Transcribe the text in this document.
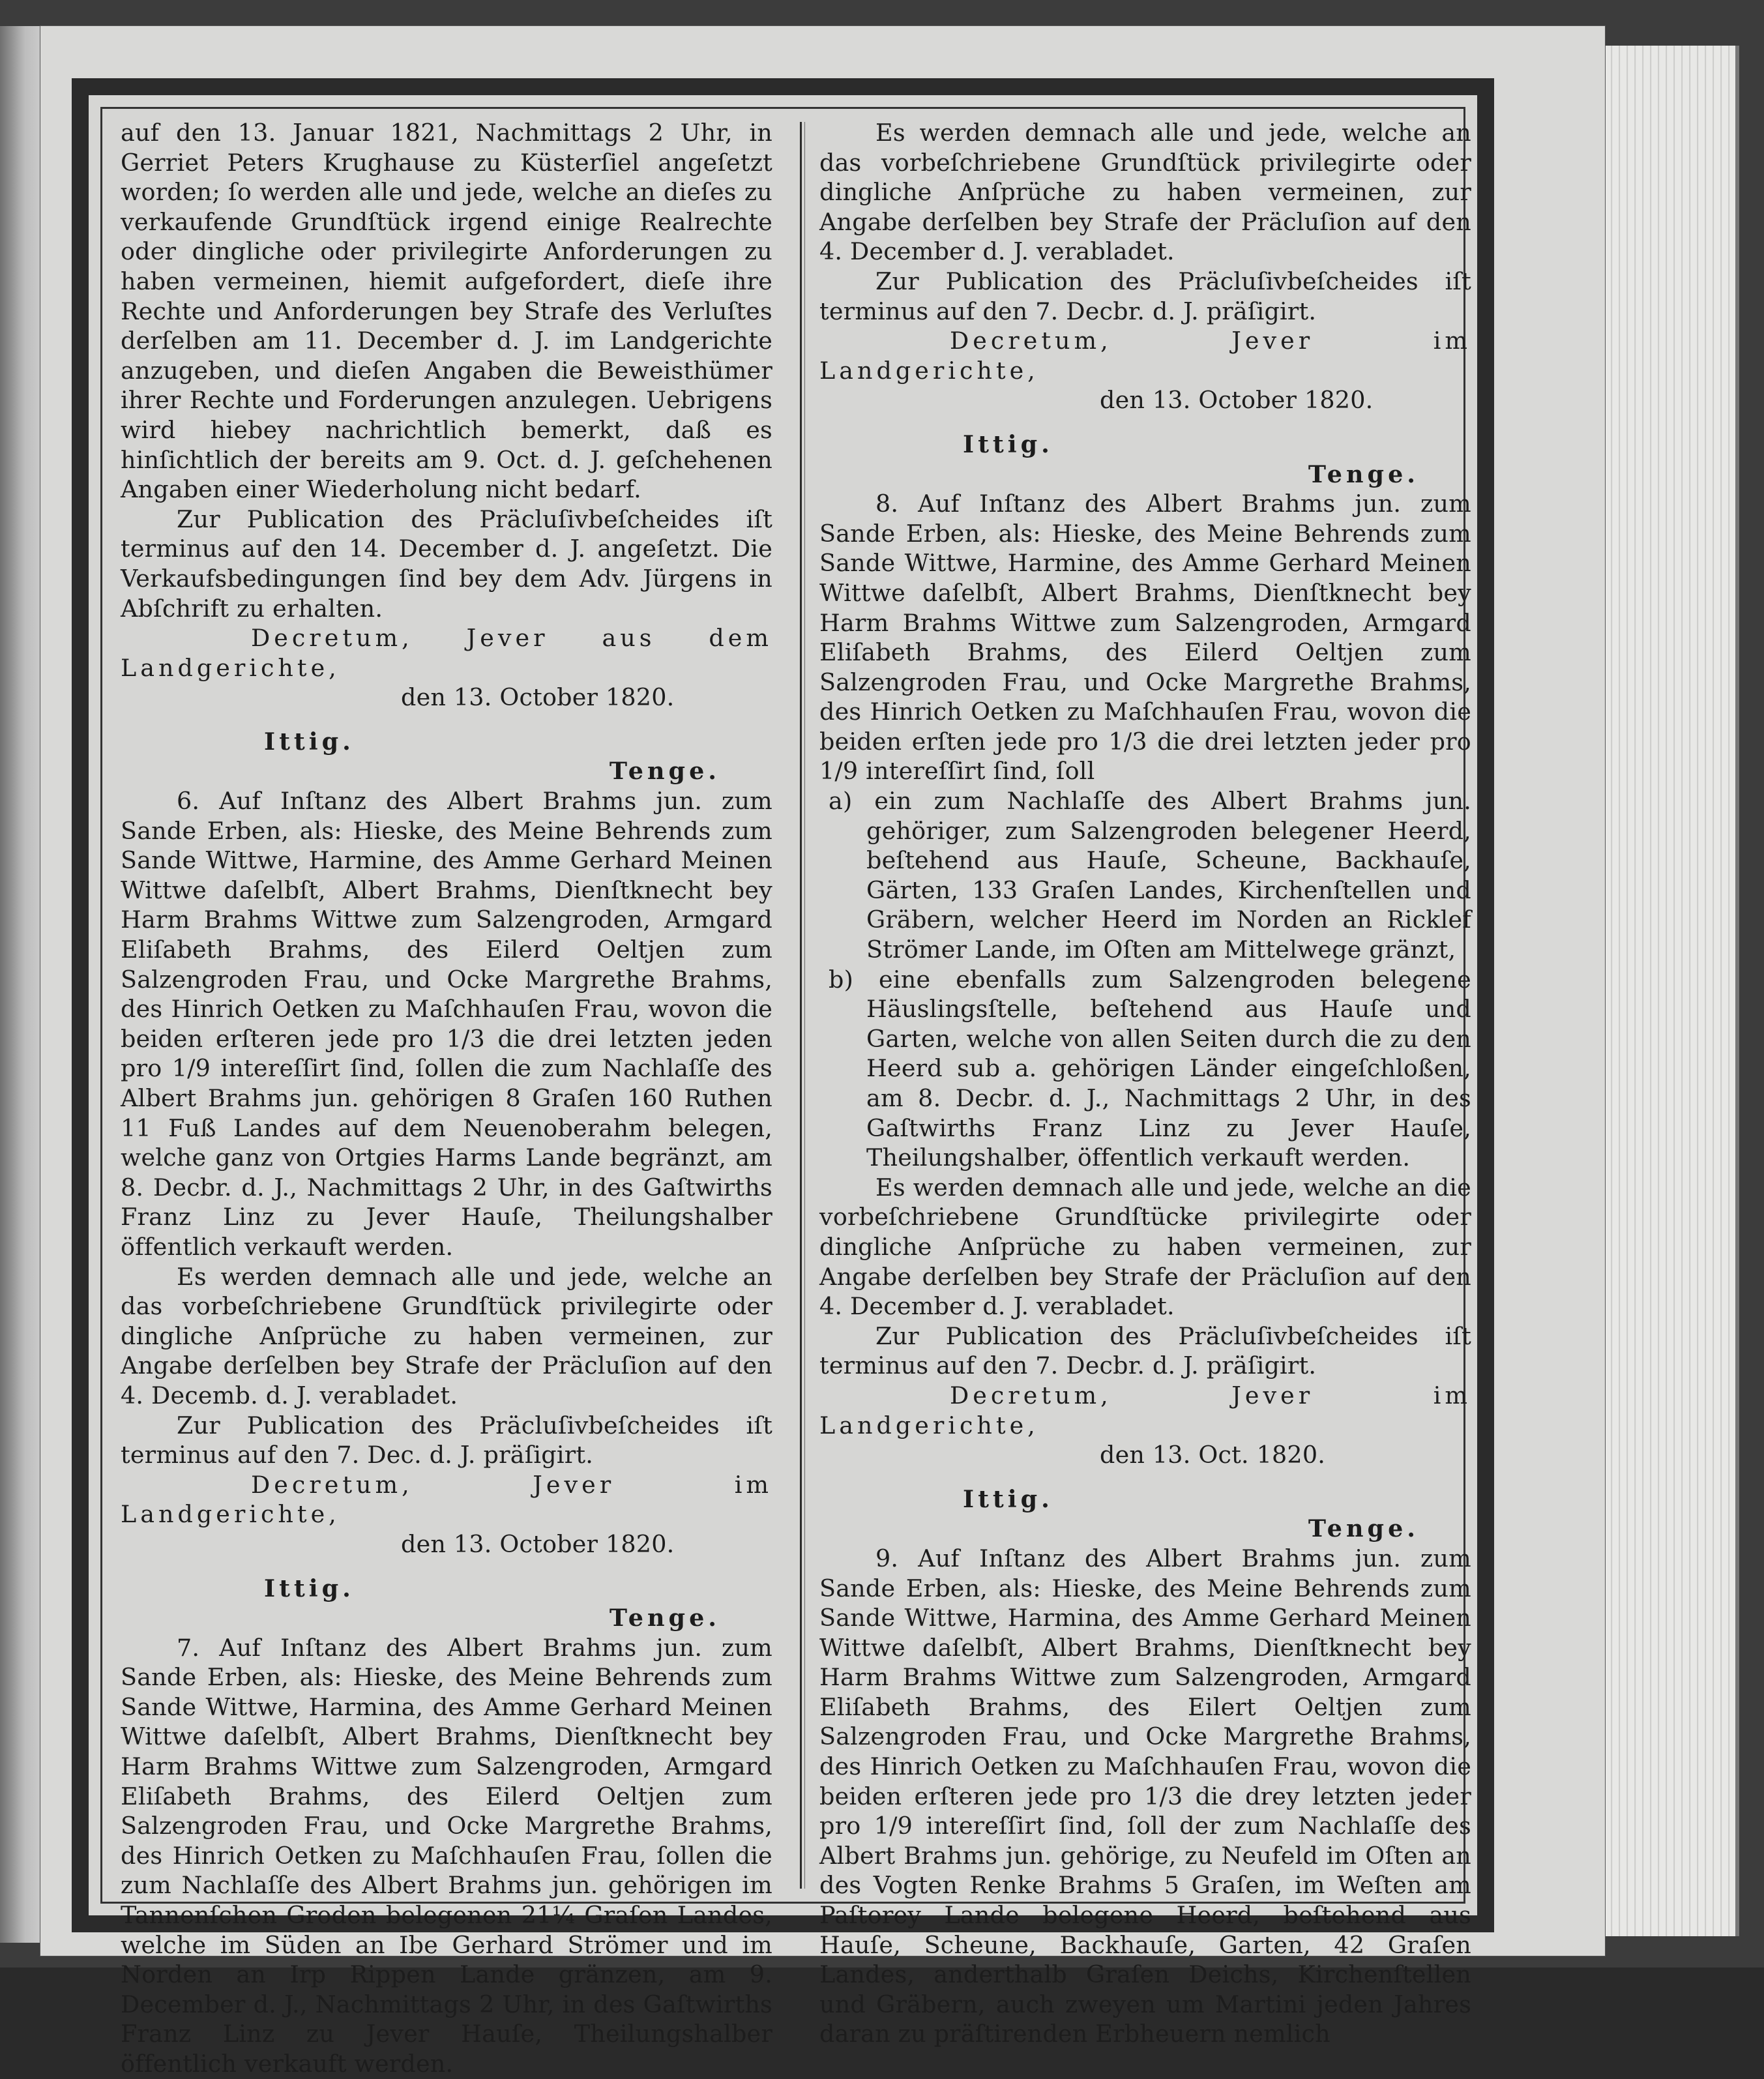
auf den 13. Januar 1821, Nachmittags 2 Uhr, in Gerriet Peters Krughause zu Küsterſiel angeſetzt worden; ſo werden alle und jede, welche an dieſes zu verkaufende Grundſtück irgend einige Realrechte oder dingliche oder privilegirte Anforderungen zu haben vermeinen, hiemit aufgefordert, dieſe ihre Rechte und Anforderungen bey Strafe des Verluſtes derſelben am 11. December d. J. im Landgerichte anzugeben, und dieſen Angaben die Beweisthümer ihrer Rechte und Forderungen anzulegen. Uebrigens wird hiebey nachrichtlich bemerkt, daß es hinſichtlich der bereits am 9. Oct. d. J. geſchehenen Angaben einer Wiederholung nicht bedarf.

Zur Publication des Präcluſivbeſcheides iſt terminus auf den 14. December d. J. angeſetzt. Die Verkaufsbedingungen ſind bey dem Adv. Jürgens in Abſchrift zu erhalten.

Decretum, Jever aus dem Landgerichte,

den 13. October 1820.

Ittig.

Tenge.

6. Auf Inſtanz des Albert Brahms jun. zum Sande Erben, als: Hieske, des Meine Behrends zum Sande Wittwe, Harmine, des Amme Gerhard Meinen Wittwe daſelbſt, Albert Brahms, Dienſtknecht bey Harm Brahms Wittwe zum Salzengroden, Armgard Eliſabeth Brahms, des Eilerd Oeltjen zum Salzengroden Frau, und Ocke Margrethe Brahms, des Hinrich Oetken zu Maſchhauſen Frau, wovon die beiden erſteren jede pro 1/3 die drei letzten jeden pro 1/9 intereſſirt ſind, ſollen die zum Nachlaſſe des Albert Brahms jun. gehörigen 8 Graſen 160 Ruthen 11 Fuß Landes auf dem Neuenoberahm belegen, welche ganz von Ortgies Harms Lande begränzt, am 8. Decbr. d. J., Nachmittags 2 Uhr, in des Gaſtwirths Franz Linz zu Jever Hauſe, Theilungshalber öffentlich verkauft werden.

Es werden demnach alle und jede, welche an das vorbeſchriebene Grundſtück privilegirte oder dingliche Anſprüche zu haben vermeinen, zur Angabe derſelben bey Strafe der Präcluſion auf den 4. Decemb. d. J. verabladet.

Zur Publication des Präcluſivbeſcheides iſt terminus auf den 7. Dec. d. J. präſigirt.

Decretum, Jever im Landgerichte,

den 13. October 1820.

Ittig.

Tenge.

7. Auf Inſtanz des Albert Brahms jun. zum Sande Erben, als: Hieske, des Meine Behrends zum Sande Wittwe, Harmina, des Amme Gerhard Meinen Wittwe daſelbſt, Albert Brahms, Dienſtknecht bey Harm Brahms Wittwe zum Salzengroden, Armgard Eliſabeth Brahms, des Eilerd Oeltjen zum Salzengroden Frau, und Ocke Margrethe Brahms, des Hinrich Oetken zu Maſchhauſen Frau, ſollen die zum Nachlaſſe des Albert Brahms jun. gehörigen im Tannenſchen Groden belegenen 21¼ Graſen Landes, welche im Süden an Ibe Gerhard Strömer und im Norden an Irp Rippen Lande gränzen, am 9. December d. J., Nachmittags 2 Uhr, in des Gaſtwirths Franz Linz zu Jever Hauſe, Theilungshalber öffentlich verkauft werden.

Es werden demnach alle und jede, welche an das vorbeſchriebene Grundſtück privilegirte oder dingliche Anſprüche zu haben vermeinen, zur Angabe derſelben bey Strafe der Präcluſion auf den 4. December d. J. verabladet.

Zur Publication des Präcluſivbeſcheides iſt terminus auf den 7. Decbr. d. J. präſigirt.

Decretum, Jever im Landgerichte,

den 13. October 1820.

Ittig.

Tenge.

8. Auf Inſtanz des Albert Brahms jun. zum Sande Erben, als: Hieske, des Meine Behrends zum Sande Wittwe, Harmine, des Amme Gerhard Meinen Wittwe daſelbſt, Albert Brahms, Dienſtknecht bey Harm Brahms Wittwe zum Salzengroden, Armgard Eliſabeth Brahms, des Eilerd Oeltjen zum Salzengroden Frau, und Ocke Margrethe Brahms, des Hinrich Oetken zu Maſchhauſen Frau, wovon die beiden erſten jede pro 1/3 die drei letzten jeder pro 1/9 intereſſirt ſind, ſoll

a) ein zum Nachlaſſe des Albert Brahms jun. gehöriger, zum Salzengroden belegener Heerd, beſtehend aus Hauſe, Scheune, Backhauſe, Gärten, 133 Graſen Landes, Kirchenſtellen und Gräbern, welcher Heerd im Norden an Ricklef Strömer Lande, im Oſten am Mittelwege gränzt,

b) eine ebenfalls zum Salzengroden belegene Häuslingsſtelle, beſtehend aus Hauſe und Garten, welche von allen Seiten durch die zu den Heerd sub a. gehörigen Länder eingeſchloßen, am 8. Decbr. d. J., Nachmittags 2 Uhr, in des Gaſtwirths Franz Linz zu Jever Hauſe, Theilungshalber, öffentlich verkauft werden.

Es werden demnach alle und jede, welche an die vorbeſchriebene Grundſtücke privilegirte oder dingliche Anſprüche zu haben vermeinen, zur Angabe derſelben bey Strafe der Präcluſion auf den 4. December d. J. verabladet.

Zur Publication des Präcluſivbeſcheides iſt terminus auf den 7. Decbr. d. J. präſigirt.

Decretum, Jever im Landgerichte,

den 13. Oct. 1820.

Ittig.

Tenge.

9. Auf Inſtanz des Albert Brahms jun. zum Sande Erben, als: Hieske, des Meine Behrends zum Sande Wittwe, Harmina, des Amme Gerhard Meinen Wittwe daſelbſt, Albert Brahms, Dienſtknecht bey Harm Brahms Wittwe zum Salzengroden, Armgard Eliſabeth Brahms, des Eilert Oeltjen zum Salzengroden Frau, und Ocke Margrethe Brahms, des Hinrich Oetken zu Maſchhauſen Frau, wovon die beiden erſteren jede pro 1/3 die drey letzten jeder pro 1/9 intereſſirt ſind, ſoll der zum Nachlaſſe des Albert Brahms jun. gehörige, zu Neufeld im Oſten an des Vogten Renke Brahms 5 Graſen, im Weſten am Paſtorey Lande belegene Heerd, beſtehend aus Hauſe, Scheune, Backhauſe, Garten, 42 Graſen Landes, anderthalb Graſen Deichs, Kirchenſtellen und Gräbern, auch zweyen um Martini jeden Jahres daran zu präſtirenden Erbheuern nemlich
